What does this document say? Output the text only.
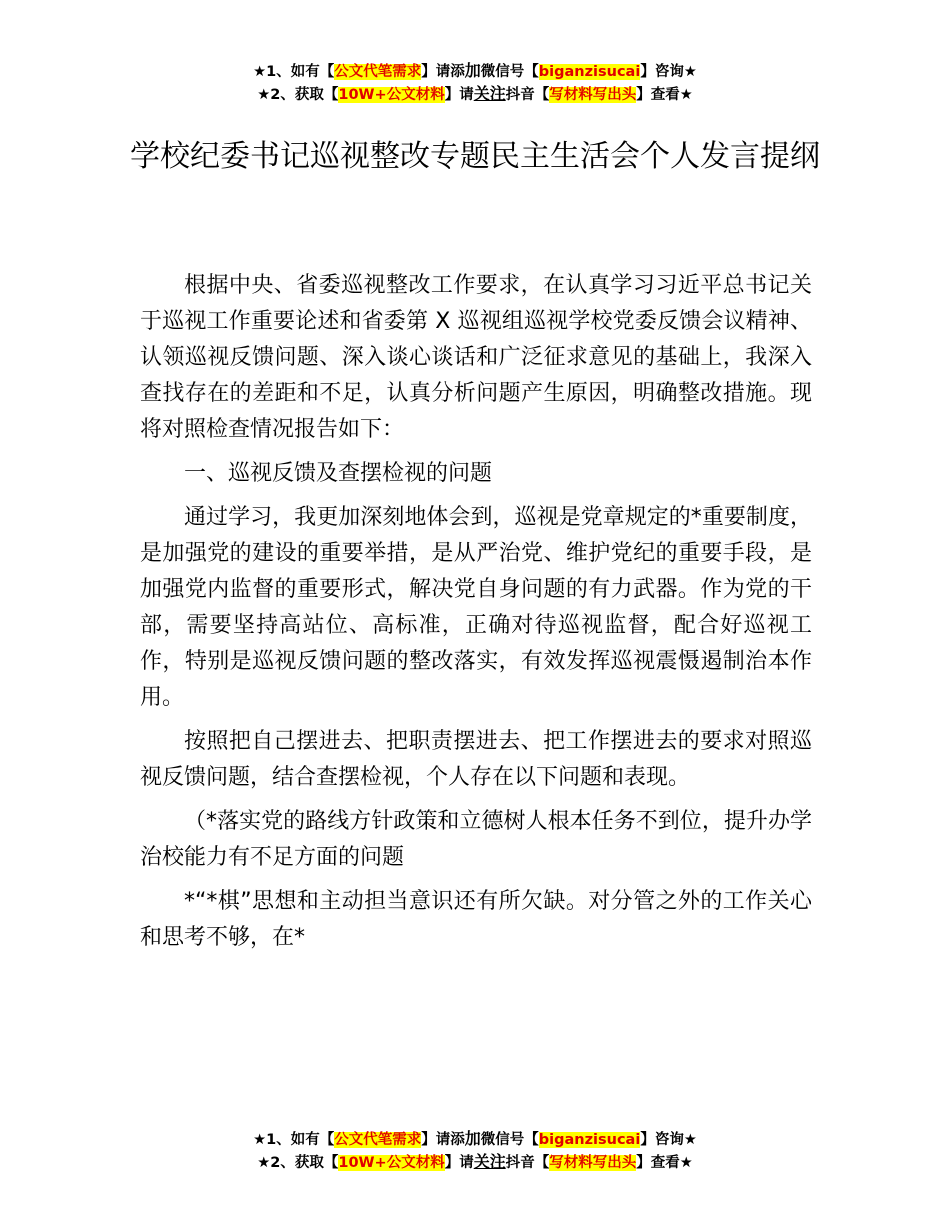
★1、如有【公文代笔需求】请添加微信号【biganzisucai】咨询★
★2、获取【10W+公文材料】请关注抖音【写材料写出头】查看★
学校纪委书记巡视整改专题民主生活会个人发言提纲

根据中央、省委巡视整改工作要求，在认真学习习近平总书记关于巡视工作重要论述和省委第 X 巡视组巡视学校党委反馈会议精神、认领巡视反馈问题、深入谈心谈话和广泛征求意见的基础上，我深入查找存在的差距和不足，认真分析问题产生原因，明确整改措施。现将对照检查情况报告如下：

一、巡视反馈及查摆检视的问题

通过学习，我更加深刻地体会到，巡视是党章规定的*重要制度，是加强党的建设的重要举措，是从严治党、维护党纪的重要手段，是加强党内监督的重要形式，解决党自身问题的有力武器。作为党的干部，需要坚持高站位、高标准，正确对待巡视监督，配合好巡视工作，特别是巡视反馈问题的整改落实，有效发挥巡视震慑遏制治本作用。

按照把自己摆进去、把职责摆进去、把工作摆进去的要求对照巡视反馈问题，结合查摆检视，个人存在以下问题和表现。

（*落实党的路线方针政策和立德树人根本任务不到位，提升办学治校能力有不足方面的问题

*“*棋”思想和主动担当意识还有所欠缺。对分管之外的工作关心和思考不够，在*

★1、如有【公文代笔需求】请添加微信号【biganzisucai】咨询★
★2、获取【10W+公文材料】请关注抖音【写材料写出头】查看★
